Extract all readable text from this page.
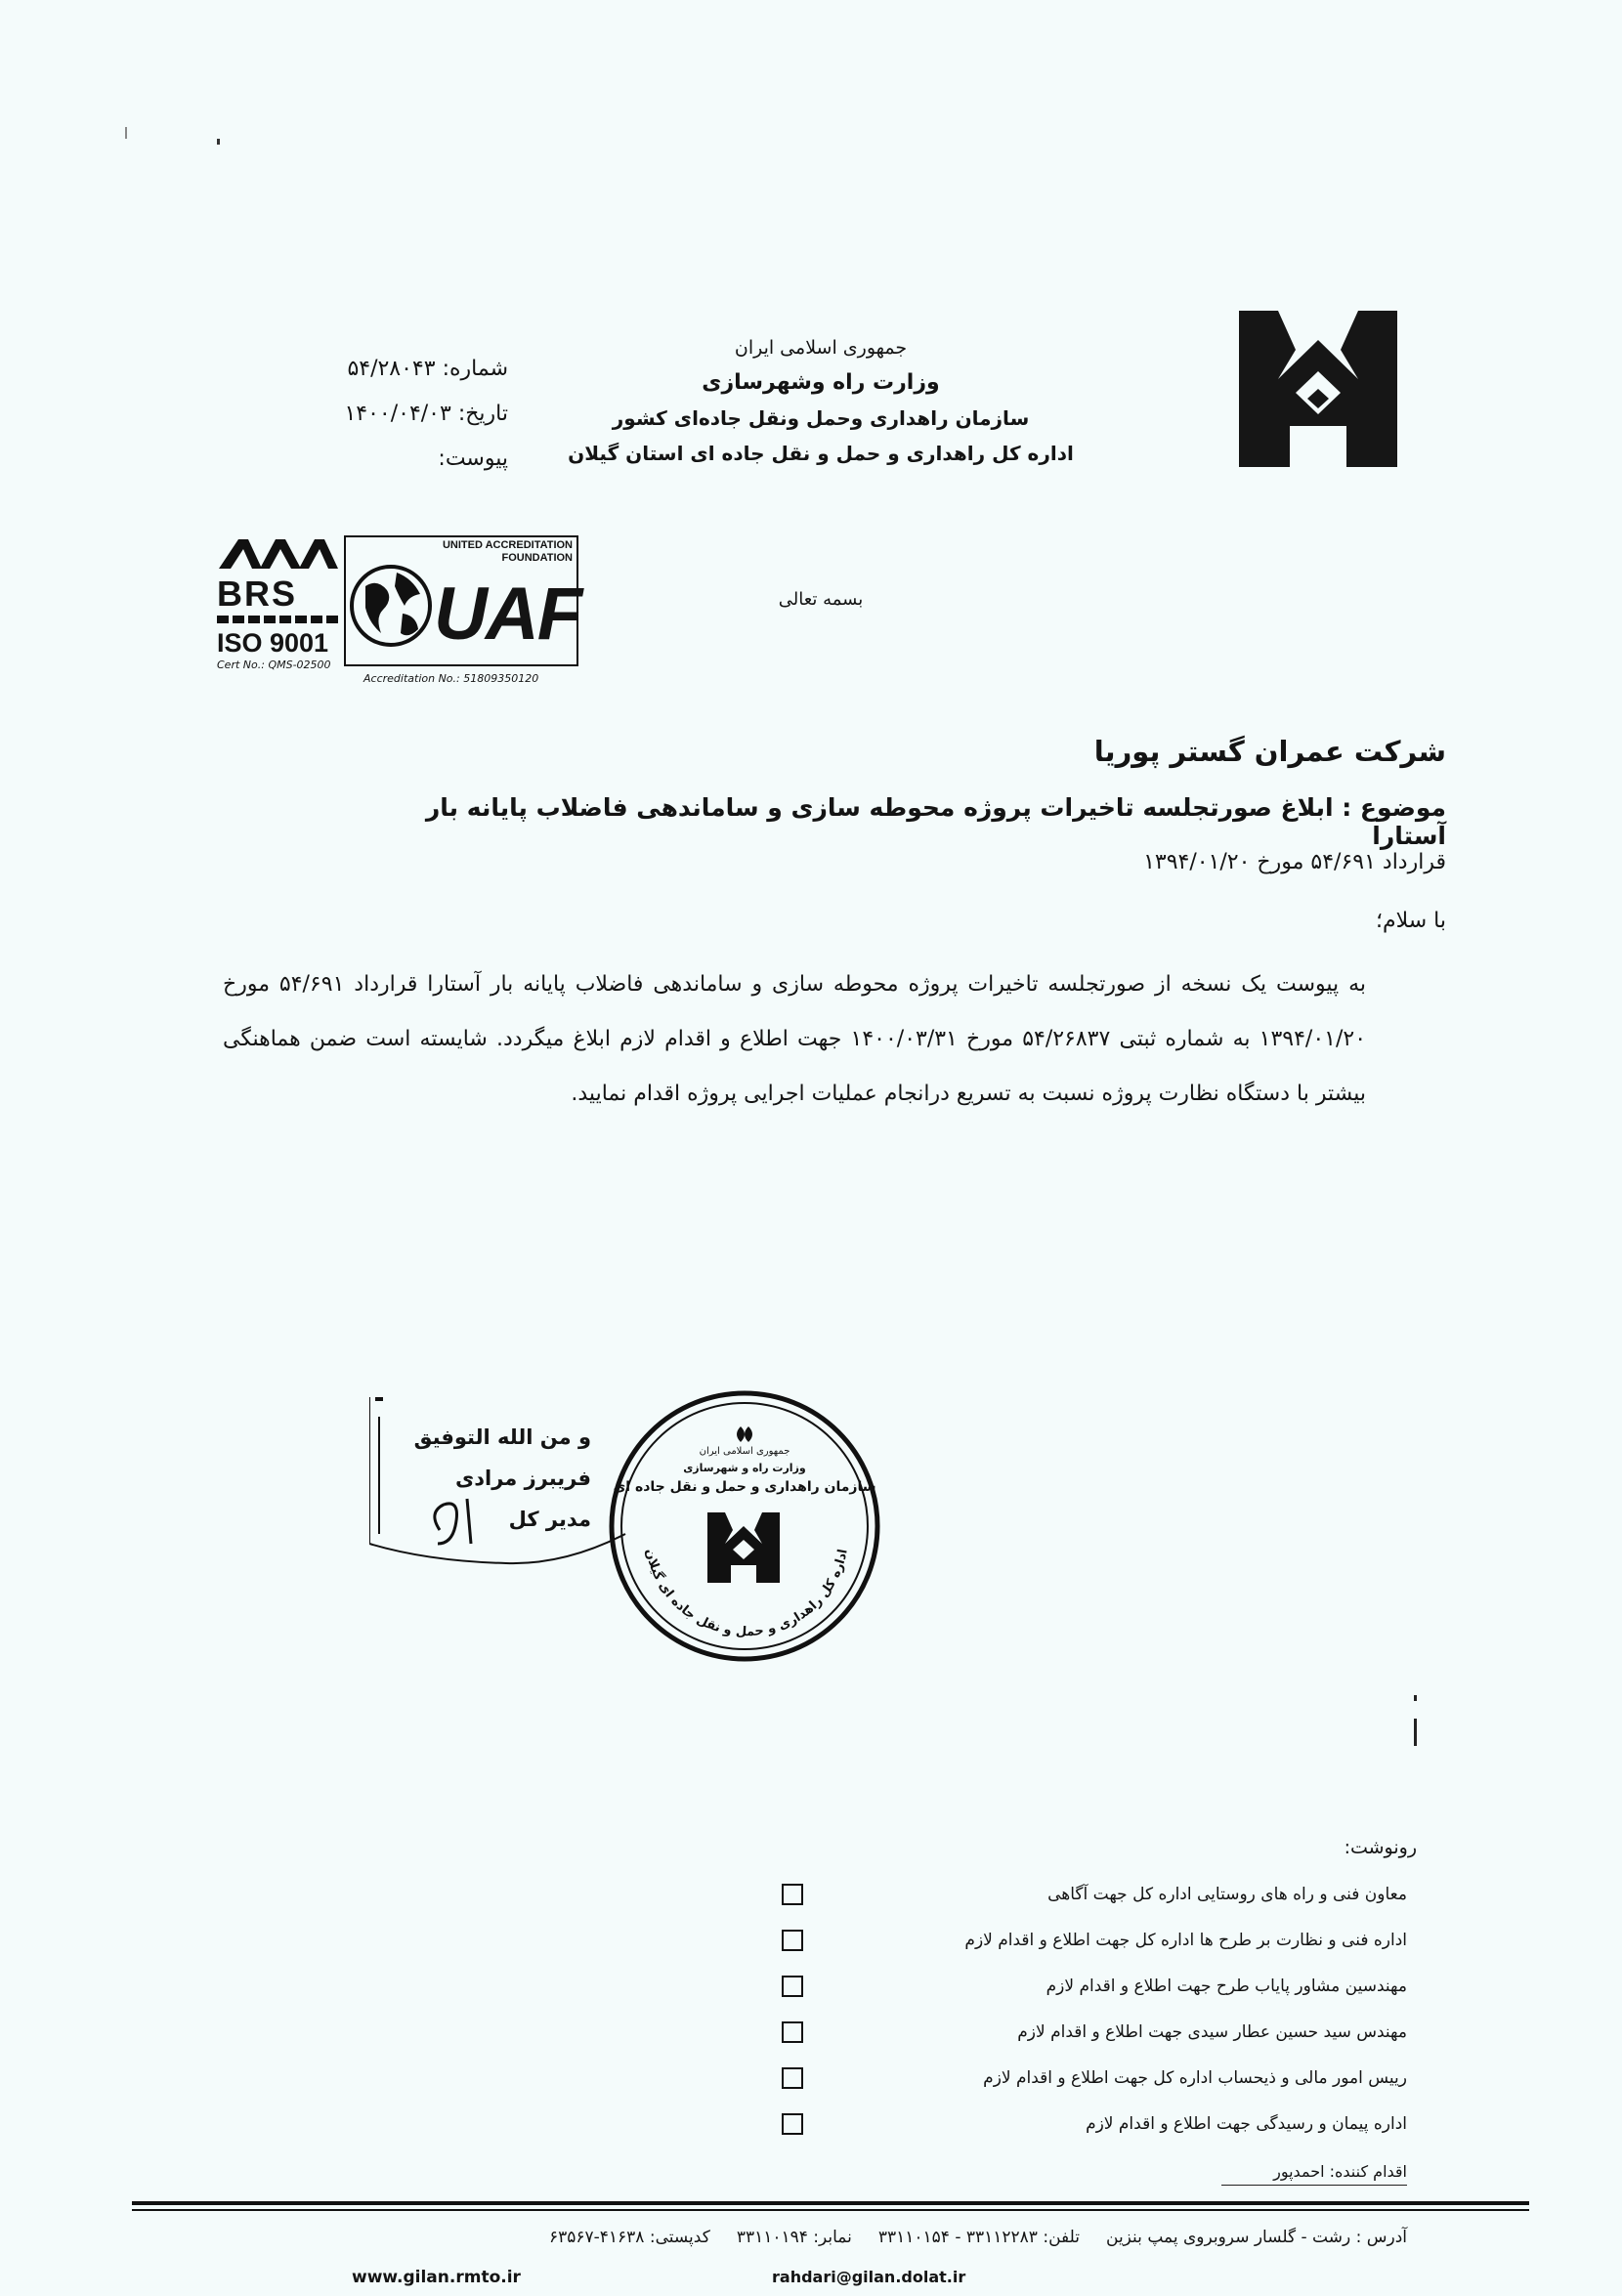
جمهوری اسلامی ایران
وزارت راه وشهرسازی
سازمان راهداری وحمل ونقل جاده‌ای کشور
اداره کل راهداری و حمل و نقل جاده ای استان گیلان
شماره: ۵۴/۲۸۰۴۳
تاریخ: ۱۴۰۰/۰۴/۰۳
پیوست:
BRS
ISO 9001
Cert No.: QMS-02500
UNITED ACCREDITATION FOUNDATION
UAF
Accreditation No.: 51809350120
بسمه تعالی
شرکت عمران گستر پوریا
موضوع : ابلاغ صورتجلسه تاخیرات پروژه محوطه سازی و ساماندهی فاضلاب پایانه بار آستارا
قرارداد ۵۴/۶۹۱ مورخ ۱۳۹۴/۰۱/۲۰
با سلام؛
به پیوست یک نسخه از صورتجلسه تاخیرات پروژه محوطه سازی و ساماندهی فاضلاب پایانه بار آستارا قرارداد ۵۴/۶۹۱ مورخ ۱۳۹۴/۰۱/۲۰ به شماره ثبتی ۵۴/۲۶۸۳۷ مورخ ۱۴۰۰/۰۳/۳۱ جهت اطلاع و اقدام لازم ابلاغ میگردد. شایسته است ضمن هماهنگی بیشتر با دستگاه نظارت پروژه نسبت به تسریع درانجام عملیات اجرایی پروژه اقدام نمایید.
و من الله التوفیق
فریبرز مرادی
مدیر کل
جمهوری اسلامی ایران
وزارت راه و شهرسازی
سازمان راهداری و حمل و نقل جاده ای
اداره کل راهداری و حمل و نقل جاده ای گیلان
رونوشت:
معاون فنی و راه های روستایی اداره کل جهت آگاهی
اداره فنی و نظارت بر طرح ها اداره کل جهت اطلاع و اقدام لازم
مهندسین مشاور پایاب طرح جهت اطلاع و اقدام لازم
مهندس سید حسین عطار سیدی جهت اطلاع و اقدام لازم
رییس امور مالی و ذیحساب اداره کل جهت اطلاع و اقدام لازم
اداره پیمان و رسیدگی جهت اطلاع و اقدام لازم
اقدام کننده: احمدپور
آدرس : رشت - گلسار سروبروی پمپ بنزین     تلفن: ۳۳۱۱۲۲۸۳ - ۳۳۱۱۰۱۵۴     نمابر: ۳۳۱۱۰۱۹۴     کدپستی: ۴۱۶۳۸-۶۳۵۶۷
www.gilan.rmto.ir	rahdari@gilan.dolat.ir
